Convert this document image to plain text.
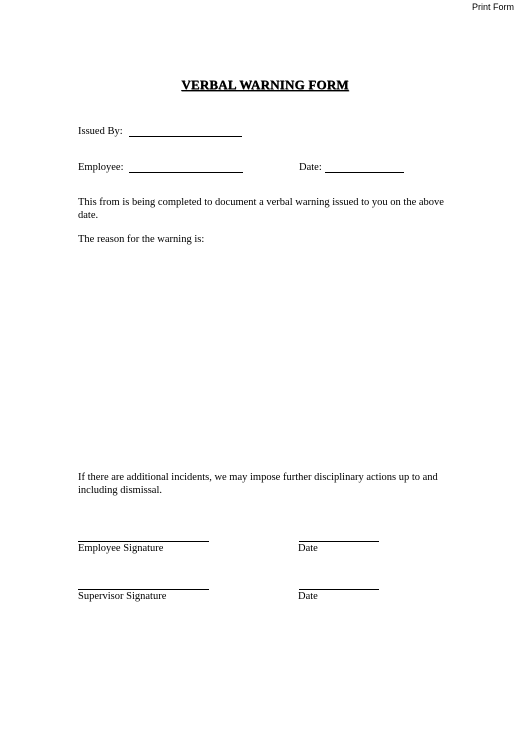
Print Form
VERBAL WARNING FORM
Issued By:
Employee:	Date:
This from is being completed to document a verbal warning issued to you on the above date.
The reason for the warning is:
If there are additional incidents, we may impose further disciplinary actions up to and including dismissal.
Employee Signature	Date
Supervisor Signature	Date
